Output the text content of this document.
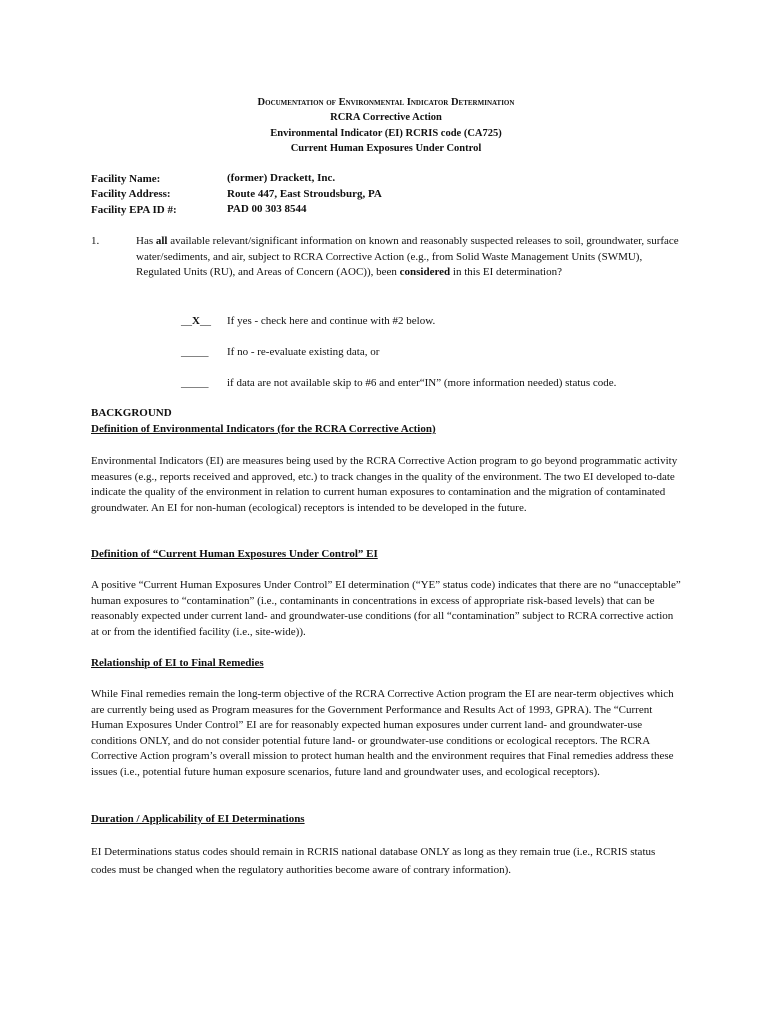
Documentation of Environmental Indicator Determination
RCRA Corrective Action
Environmental Indicator (EI) RCRIS code (CA725)
Current Human Exposures Under Control
Facility Name:	(former) Drackett, Inc.
Facility Address:	Route 447, East Stroudsburg, PA
Facility EPA ID #:	PAD 00 303 8544
1.	Has all available relevant/significant information on known and reasonably suspected releases to soil, groundwater, surface water/sediments, and air, subject to RCRA Corrective Action (e.g., from Solid Waste Management Units (SWMU), Regulated Units (RU), and Areas of Concern (AOC)), been considered in this EI determination?
__X__ If yes - check here and continue with #2 below.
_____ If no - re-evaluate existing data, or
_____ if data are not available skip to #6 and enter“IN” (more information needed) status code.
BACKGROUND
Definition of Environmental Indicators (for the RCRA Corrective Action)

Environmental Indicators (EI) are measures being used by the RCRA Corrective Action program to go beyond programmatic activity measures (e.g., reports received and approved, etc.) to track changes in the quality of the environment. The two EI developed to-date indicate the quality of the environment in relation to current human exposures to contamination and the migration of contaminated groundwater. An EI for non-human (ecological) receptors is intended to be developed in the future.

Definition of “Current Human Exposures Under Control” EI

A positive “Current Human Exposures Under Control” EI determination (“YE” status code) indicates that there are no “unacceptable” human exposures to “contamination” (i.e., contaminants in concentrations in excess of appropriate risk-based levels) that can be reasonably expected under current land- and groundwater-use conditions (for all “contamination” subject to RCRA corrective action at or from the identified facility (i.e., site-wide)).

Relationship of EI to Final Remedies

While Final remedies remain the long-term objective of the RCRA Corrective Action program the EI are near-term objectives which are currently being used as Program measures for the Government Performance and Results Act of 1993, GPRA). The “Current Human Exposures Under Control” EI are for reasonably expected human exposures under current land- and groundwater-use conditions ONLY, and do not consider potential future land- or groundwater-use conditions or ecological receptors. The RCRA Corrective Action program’s overall mission to protect human health and the environment requires that Final remedies address these issues (i.e., potential future human exposure scenarios, future land and groundwater uses, and ecological receptors).

Duration / Applicability of EI Determinations

EI Determinations status codes should remain in RCRIS national database ONLY as long as they remain true (i.e., RCRIS status codes must be changed when the regulatory authorities become aware of contrary information).
